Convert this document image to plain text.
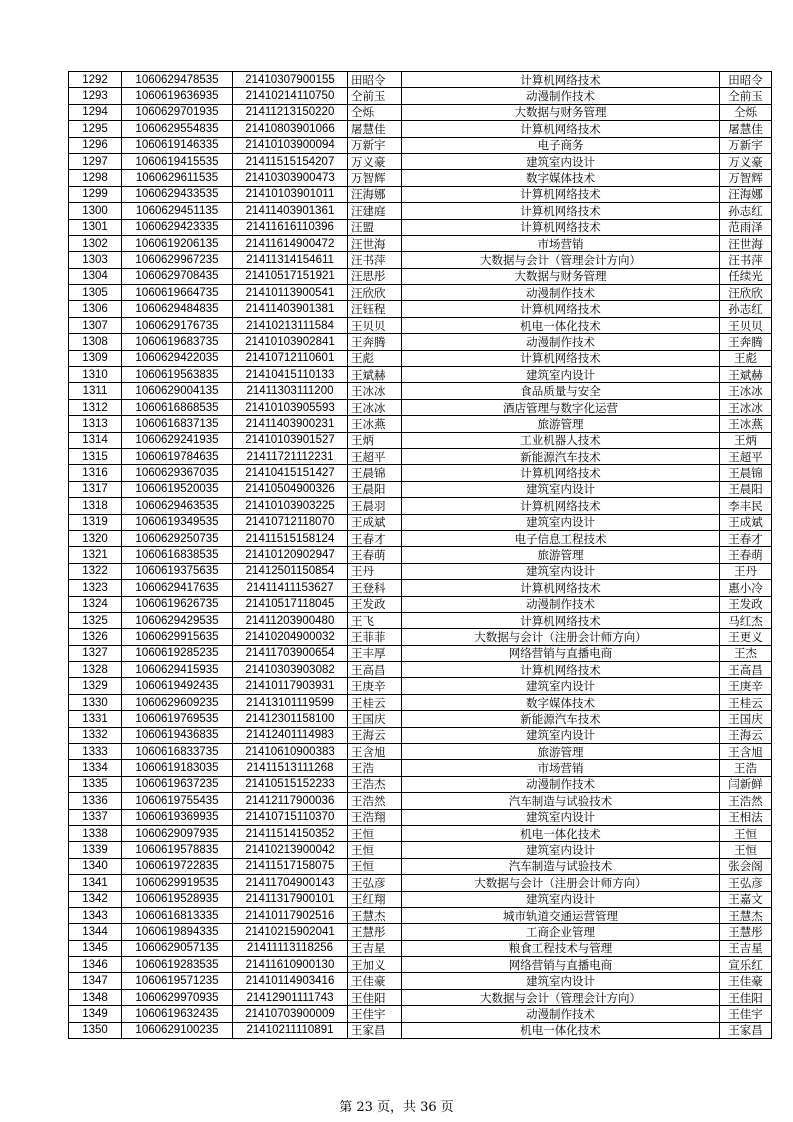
1292	1060629478535	21410307900155	田昭令	计算机网络技术	田昭令
1293	1060619636935	21410214110750	仝前玉	动漫制作技术	仝前玉
1294	1060629701935	21411213150220	仝烁	大数据与财务管理	仝烁
1295	1060629554835	21410803901066	屠慧佳	计算机网络技术	屠慧佳
1296	1060619146335	21410103900094	万新宇	电子商务	万新宇
1297	1060619415535	21411515154207	万义豪	建筑室内设计	万义豪
1298	1060629611535	21410303900473	万智辉	数字媒体技术	万智辉
1299	1060629433535	21410103901011	汪海娜	计算机网络技术	汪海娜
1300	1060629451135	21411403901361	汪建庭	计算机网络技术	孙志红
1301	1060629423335	21411616110396	汪盟	计算机网络技术	范雨泽
1302	1060619206135	21411614900472	汪世海	市场营销	汪世海
1303	1060629967235	21411314154611	汪书萍	大数据与会计（管理会计方向）	汪书萍
1304	1060629708435	21410517151921	汪思彤	大数据与财务管理	任续光
1305	1060619664735	21410113900541	汪欣欣	动漫制作技术	汪欣欣
1306	1060629484835	21411403901381	汪钰程	计算机网络技术	孙志红
1307	1060629176735	21410213111584	王贝贝	机电一体化技术	王贝贝
1308	1060619683735	21410103902841	王奔腾	动漫制作技术	王奔腾
1309	1060629422035	21410712110601	王彪	计算机网络技术	王彪
1310	1060619563835	21410415110133	王斌赫	建筑室内设计	王斌赫
1311	1060629004135	21411303111200	王冰冰	食品质量与安全	王冰冰
1312	1060616868535	21410103905593	王冰冰	酒店管理与数字化运营	王冰冰
1313	1060616837135	21411403900231	王冰燕	旅游管理	王冰燕
1314	1060629241935	21410103901527	王炳	工业机器人技术	王炳
1315	1060619784635	21411721112231	王超平	新能源汽车技术	王超平
1316	1060629367035	21410415151427	王晨锦	计算机网络技术	王晨锦
1317	1060619520035	21410504900326	王晨阳	建筑室内设计	王晨阳
1318	1060629463535	21410103903225	王晨羽	计算机网络技术	李丰民
1319	1060619349535	21410712118070	王成斌	建筑室内设计	王成斌
1320	1060629250735	21411515158124	王春才	电子信息工程技术	王春才
1321	1060616838535	21410120902947	王春萌	旅游管理	王春萌
1322	1060619375635	21412501150854	王丹	建筑室内设计	王丹
1323	1060629417635	21411411153627	王登科	计算机网络技术	惠小冷
1324	1060619626735	21410517118045	王发政	动漫制作技术	王发政
1325	1060629429535	21411203900480	王飞	计算机网络技术	马红杰
1326	1060629915635	21410204900032	王菲菲	大数据与会计（注册会计师方向）	王更义
1327	1060619285235	21411703900654	王丰厚	网络营销与直播电商	王杰
1328	1060629415935	21410303903082	王高昌	计算机网络技术	王高昌
1329	1060619492435	21410117903931	王庚辛	建筑室内设计	王庚辛
1330	1060629609235	21413101119599	王桂云	数字媒体技术	王桂云
1331	1060619769535	21412301158100	王国庆	新能源汽车技术	王国庆
1332	1060619436835	21412401114983	王海云	建筑室内设计	王海云
1333	1060616833735	21410610900383	王含旭	旅游管理	王含旭
1334	1060619183035	21411513111268	王浩	市场营销	王浩
1335	1060619637235	21410515152233	王浩杰	动漫制作技术	闫新鲜
1336	1060619755435	21412117900036	王浩然	汽车制造与试验技术	王浩然
1337	1060619369935	21410715110370	王浩翔	建筑室内设计	王相法
1338	1060629097935	21411514150352	王恒	机电一体化技术	王恒
1339	1060619578835	21410213900042	王恒	建筑室内设计	王恒
1340	1060619722835	21411517158075	王恒	汽车制造与试验技术	张会阁
1341	1060629919535	21411704900143	王弘彦	大数据与会计（注册会计师方向）	王弘彦
1342	1060619528935	21411317900101	王红翔	建筑室内设计	王嘉文
1343	1060616813335	21410117902516	王慧杰	城市轨道交通运营管理	王慧杰
1344	1060619894335	21410215902041	王慧彤	工商企业管理	王慧彤
1345	1060629057135	21411113118256	王吉星	粮食工程技术与管理	王吉星
1346	1060619283535	21411610900130	王加义	网络营销与直播电商	宣乐红
1347	1060619571235	21410114903416	王佳豪	建筑室内设计	王佳豪
1348	1060629970935	21412901111743	王佳阳	大数据与会计（管理会计方向）	王佳阳
1349	1060619632435	21410703900009	王佳宇	动漫制作技术	王佳宇
1350	1060629100235	21410211110891	王家昌	机电一体化技术	王家昌
第 23 页，共 36 页
